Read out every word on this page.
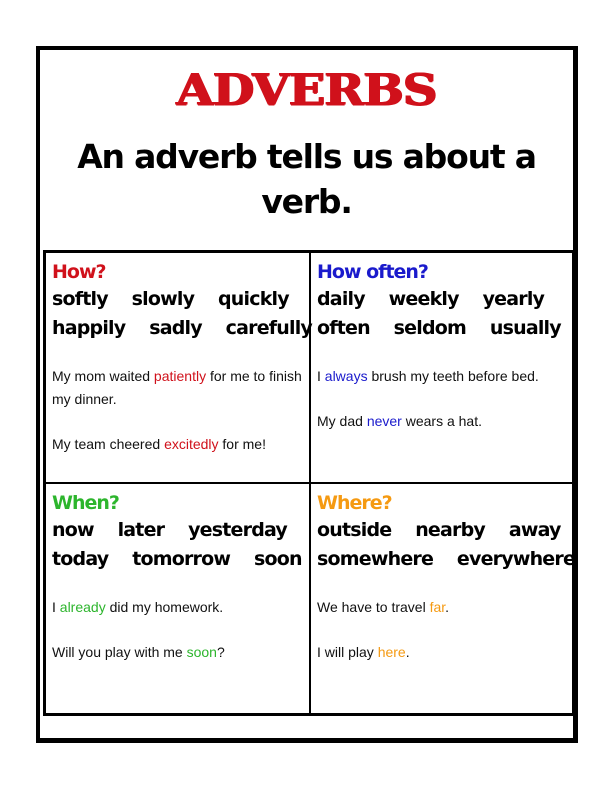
ADVERBS
An adverb tells us about a verb.
How?
softly slowly quickly
happily sadly carefully
My mom waited patiently for me to finish my dinner.
My team cheered excitedly for me!
How often?
daily weekly yearly
often seldom usually
I always brush my teeth before bed.
My dad never wears a hat.
When?
now later yesterday
today tomorrow soon
I already did my homework.
Will you play with me soon?
Where?
outside nearby away
somewhere everywhere
We have to travel far.
I will play here.
